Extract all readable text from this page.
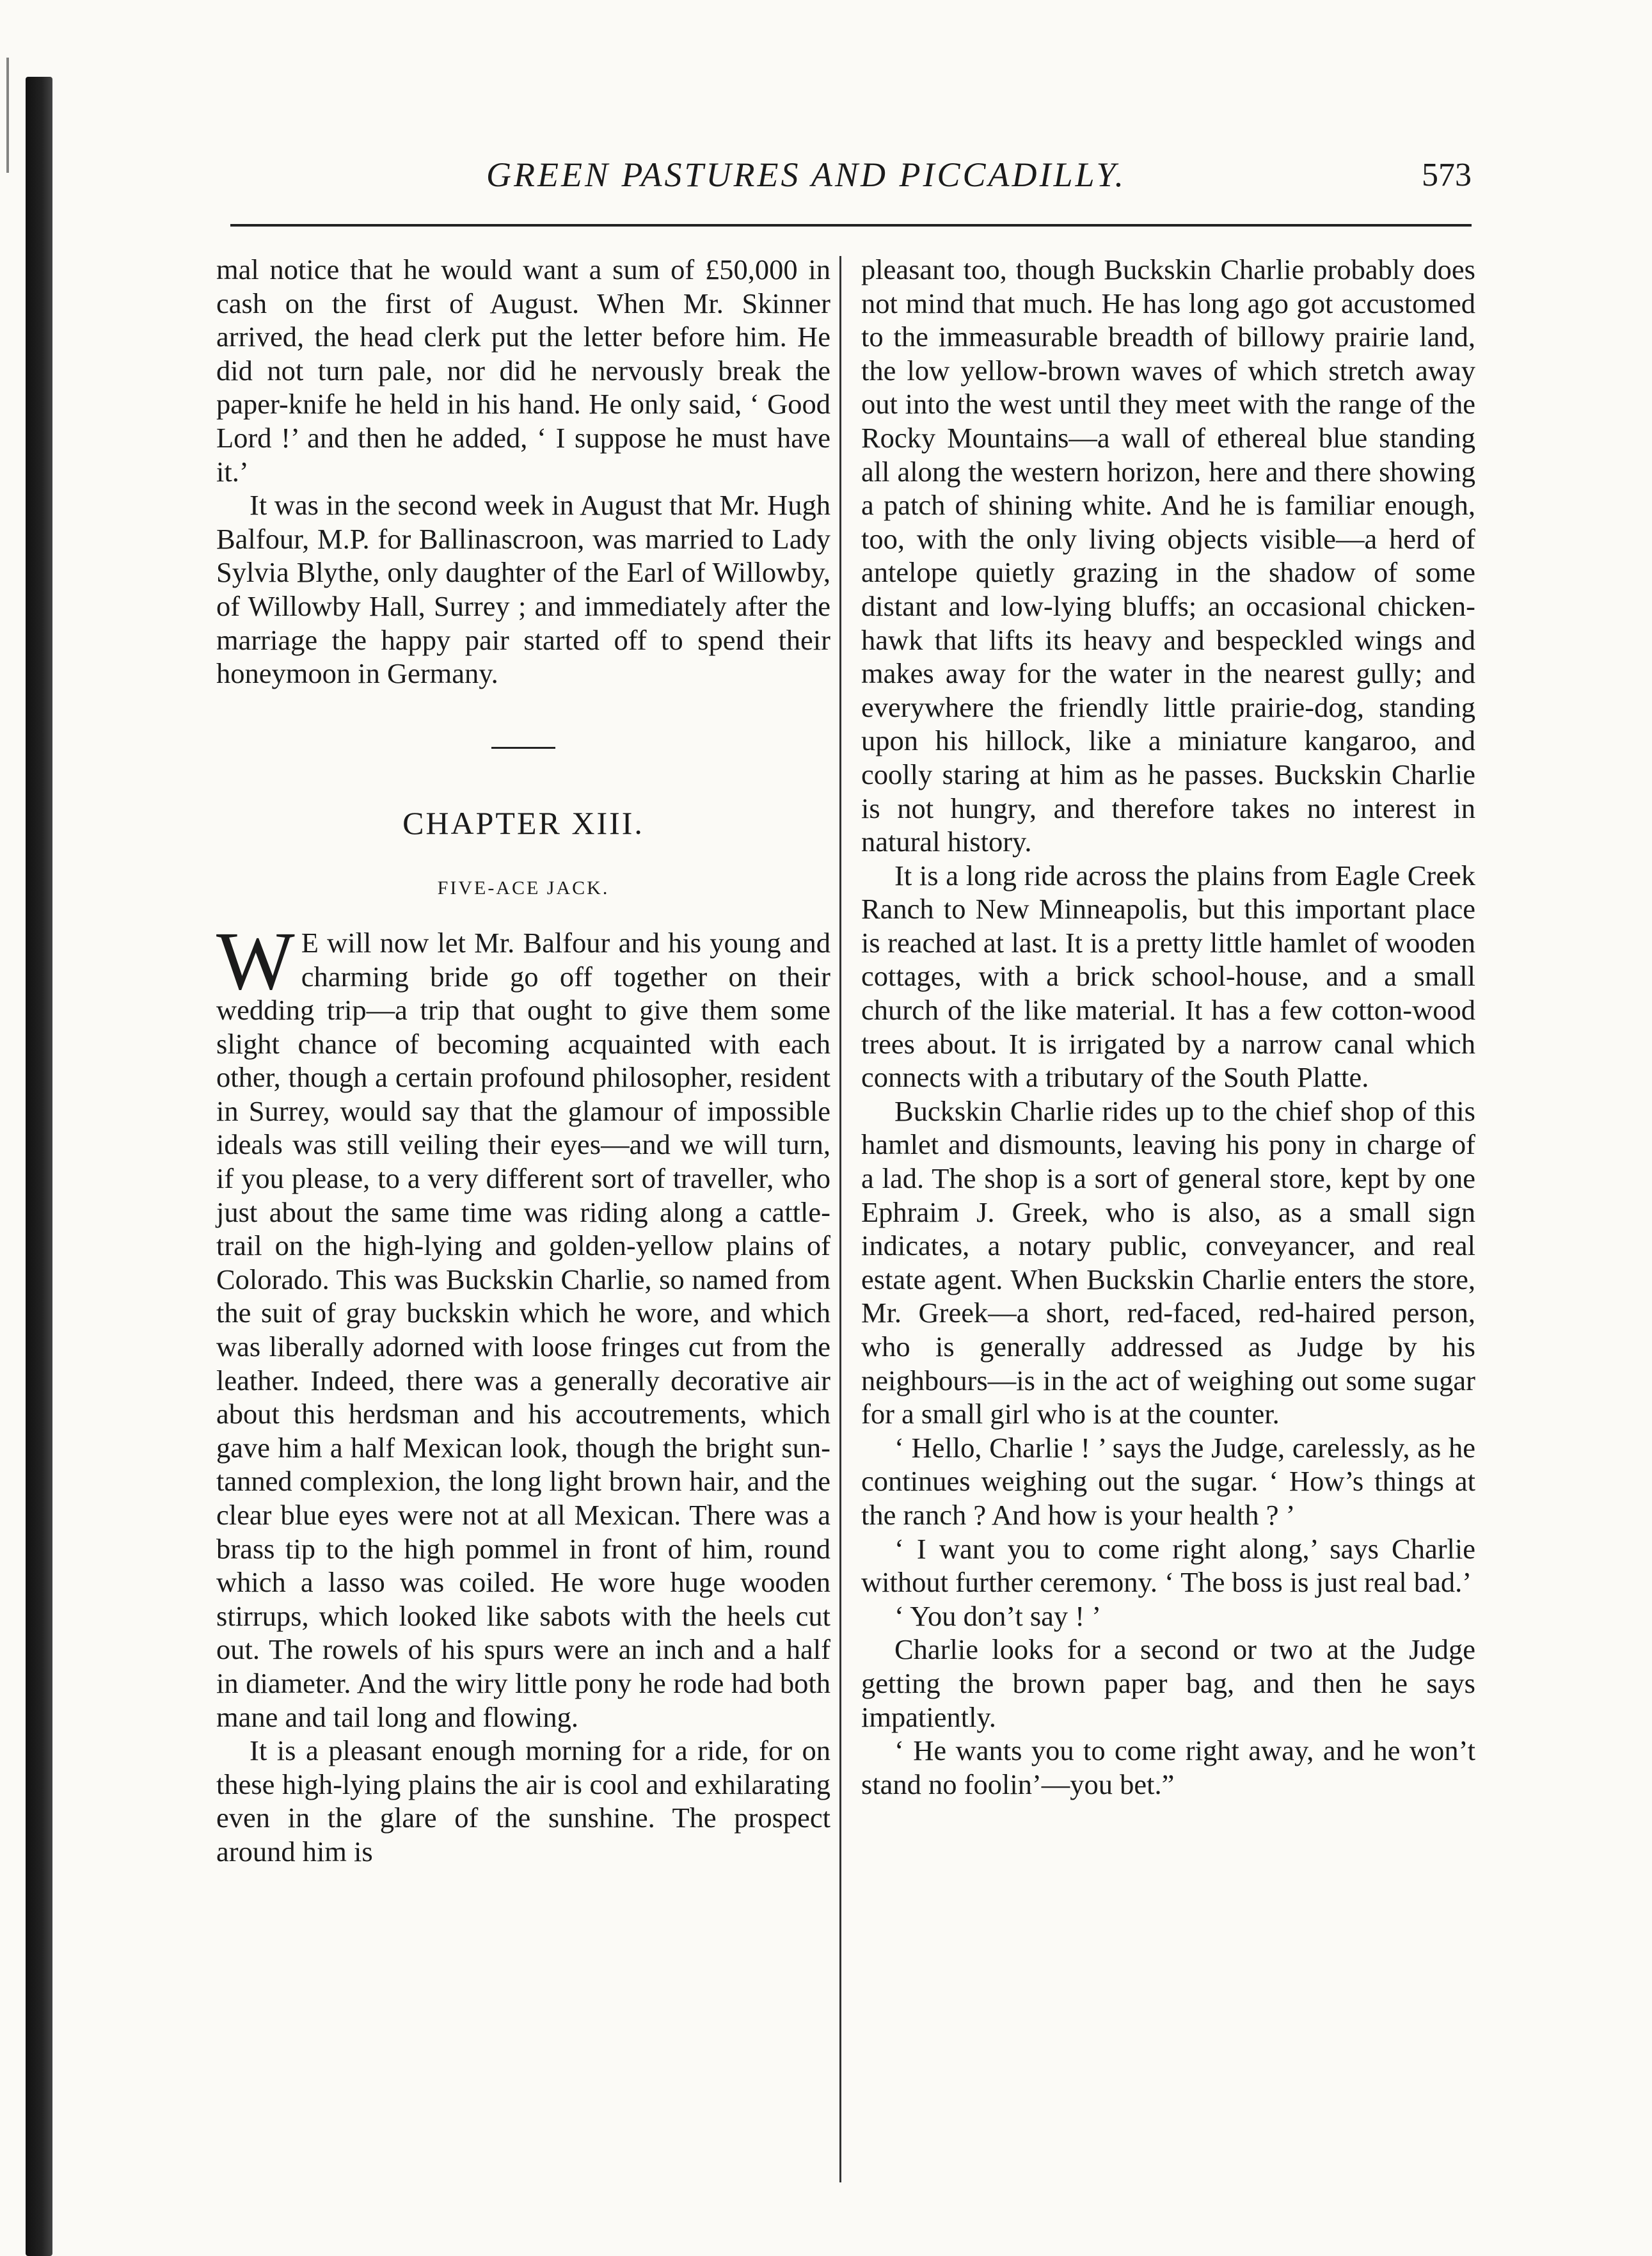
GREEN PASTURES AND PICCADILLY.	573

mal notice that he would want a sum of £50,000 in cash on the first of August. When Mr. Skinner arrived, the head clerk put the letter before him. He did not turn pale, nor did he nervously break the paper-knife he held in his hand. He only said, ‘ Good Lord !’ and then he added, ‘ I suppose he must have it.’

It was in the second week in August that Mr. Hugh Balfour, M.P. for Ballinascroon, was married to Lady Sylvia Blythe, only daughter of the Earl of Willowby, of Willowby Hall, Surrey ; and immediately after the marriage the happy pair started off to spend their honeymoon in Germany.

CHAPTER XIII.
FIVE-ACE JACK.

W E will now let Mr. Balfour and his young and charming bride go off together on their wedding trip—a trip that ought to give them some slight chance of becoming acquainted with each other, though a certain profound philosopher, resident in Surrey, would say that the glamour of impossible ideals was still veiling their eyes—and we will turn, if you please, to a very different sort of traveller, who just about the same time was riding along a cattle-trail on the high-lying and golden-yellow plains of Colorado. This was Buckskin Charlie, so named from the suit of gray buckskin which he wore, and which was liberally adorned with loose fringes cut from the leather. Indeed, there was a generally decorative air about this herdsman and his accoutrements, which gave him a half Mexican look, though the bright sun-tanned complexion, the long light brown hair, and the clear blue eyes were not at all Mexican. There was a brass tip to the high pommel in front of him, round which a lasso was coiled. He wore huge wooden stirrups, which looked like sabots with the heels cut out. The rowels of his spurs were an inch and a half in diameter. And the wiry little pony he rode had both mane and tail long and flowing.

It is a pleasant enough morning for a ride, for on these high-lying plains the air is cool and exhilarating even in the glare of the sunshine. The prospect around him is

pleasant too, though Buckskin Charlie probably does not mind that much. He has long ago got accustomed to the immeasurable breadth of billowy prairie land, the low yellow-brown waves of which stretch away out into the west until they meet with the range of the Rocky Mountains—a wall of ethereal blue standing all along the western horizon, here and there showing a patch of shining white. And he is familiar enough, too, with the only living objects visible—a herd of antelope quietly grazing in the shadow of some distant and low-lying bluffs; an occasional chicken-hawk that lifts its heavy and bespeckled wings and makes away for the water in the nearest gully; and everywhere the friendly little prairie-dog, standing upon his hillock, like a miniature kangaroo, and coolly staring at him as he passes. Buckskin Charlie is not hungry, and therefore takes no interest in natural history.

It is a long ride across the plains from Eagle Creek Ranch to New Minneapolis, but this important place is reached at last. It is a pretty little hamlet of wooden cottages, with a brick school-house, and a small church of the like material. It has a few cotton-wood trees about. It is irrigated by a narrow canal which connects with a tributary of the South Platte.

Buckskin Charlie rides up to the chief shop of this hamlet and dismounts, leaving his pony in charge of a lad. The shop is a sort of general store, kept by one Ephraim J. Greek, who is also, as a small sign indicates, a notary public, conveyancer, and real estate agent. When Buckskin Charlie enters the store, Mr. Greek—a short, red-faced, red-haired person, who is generally addressed as Judge by his neighbours—is in the act of weighing out some sugar for a small girl who is at the counter.

‘ Hello, Charlie ! ’ says the Judge, carelessly, as he continues weighing out the sugar. ‘ How’s things at the ranch ? And how is your health ? ’

‘ I want you to come right along,’ says Charlie without further ceremony. ‘ The boss is just real bad.’

‘ You don’t say ! ’

Charlie looks for a second or two at the Judge getting the brown paper bag, and then he says impatiently.

‘ He wants you to come right away, and he won’t stand no foolin’—you bet.”
